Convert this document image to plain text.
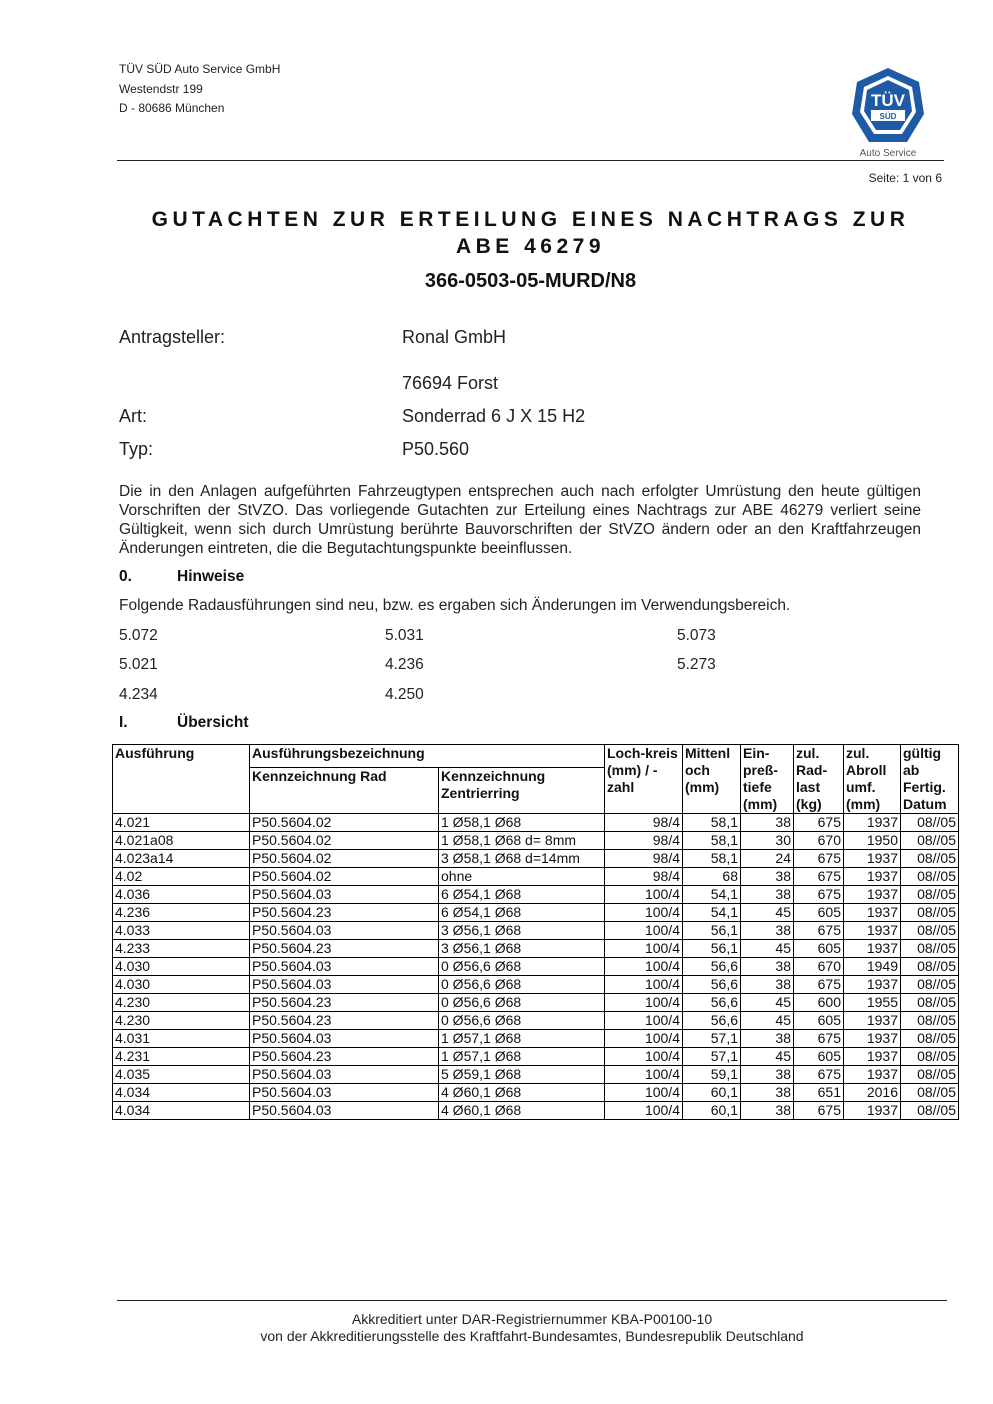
TÜV SÜD Auto Service GmbH
Westendstr 199
D - 80686 München	TÜV
SÜD
Auto Service
Seite: 1 von 6
GUTACHTEN ZUR ERTEILUNG EINES NACHTRAGS ZUR
ABE 46279
366-0503-05-MURD/N8
Antragsteller:	Ronal GmbH
76694 Forst
Art:	Sonderrad 6 J X 15 H2
Typ:	P50.560
Die in den Anlagen aufgeführten Fahrzeugtypen entsprechen auch nach erfolgter Umrüstung den heute gültigen Vorschriften der StVZO. Das vorliegende Gutachten zur Erteilung eines Nachtrags zur ABE 46279 verliert seine Gültigkeit, wenn sich durch Umrüstung berührte Bauvorschriften der StVZO ändern oder an den Kraftfahrzeugen Änderungen eintreten, die die Begutachtungspunkte beeinflussen.
0.	Hinweise
Folgende Radausführungen sind neu, bzw. es ergaben sich Änderungen im Verwendungsbereich.
5.072	5.031	5.073
5.021	4.236	5.273
4.234	4.250
I.	Übersicht
Ausführung	Ausführungsbezeichnung		Loch-kreis (mm) / -zahl	Mittenl och (mm)	Ein-preß-tiefe (mm)	zul. Rad-last (kg)	zul. Abroll umf. (mm)	gültig ab Fertig. Datum
	Kennzeichnung Rad	Kennzeichnung Zentrierring						
4.021	P50.5604.02	1 Ø58,1 Ø68	98/4	58,1	38	675	1937	08//05
4.021a08	P50.5604.02	1 Ø58,1 Ø68 d= 8mm	98/4	58,1	30	670	1950	08//05
4.023a14	P50.5604.02	3 Ø58,1 Ø68 d=14mm	98/4	58,1	24	675	1937	08//05
4.02	P50.5604.02	ohne	98/4	68	38	675	1937	08//05
4.036	P50.5604.03	6 Ø54,1 Ø68	100/4	54,1	38	675	1937	08//05
4.236	P50.5604.23	6 Ø54,1 Ø68	100/4	54,1	45	605	1937	08//05
4.033	P50.5604.03	3 Ø56,1 Ø68	100/4	56,1	38	675	1937	08//05
4.233	P50.5604.23	3 Ø56,1 Ø68	100/4	56,1	45	605	1937	08//05
4.030	P50.5604.03	0 Ø56,6 Ø68	100/4	56,6	38	670	1949	08//05
4.030	P50.5604.03	0 Ø56,6 Ø68	100/4	56,6	38	675	1937	08//05
4.230	P50.5604.23	0 Ø56,6 Ø68	100/4	56,6	45	600	1955	08//05
4.230	P50.5604.23	0 Ø56,6 Ø68	100/4	56,6	45	605	1937	08//05
4.031	P50.5604.03	1 Ø57,1 Ø68	100/4	57,1	38	675	1937	08//05
4.231	P50.5604.23	1 Ø57,1 Ø68	100/4	57,1	45	605	1937	08//05
4.035	P50.5604.03	5 Ø59,1 Ø68	100/4	59,1	38	675	1937	08//05
4.034	P50.5604.03	4 Ø60,1 Ø68	100/4	60,1	38	651	2016	08//05
4.034	P50.5604.03	4 Ø60,1 Ø68	100/4	60,1	38	675	1937	08//05
Akkreditiert unter DAR-Registriernummer KBA-P00100-10
von der Akkreditierungsstelle des Kraftfahrt-Bundesamtes, Bundesrepublik Deutschland
